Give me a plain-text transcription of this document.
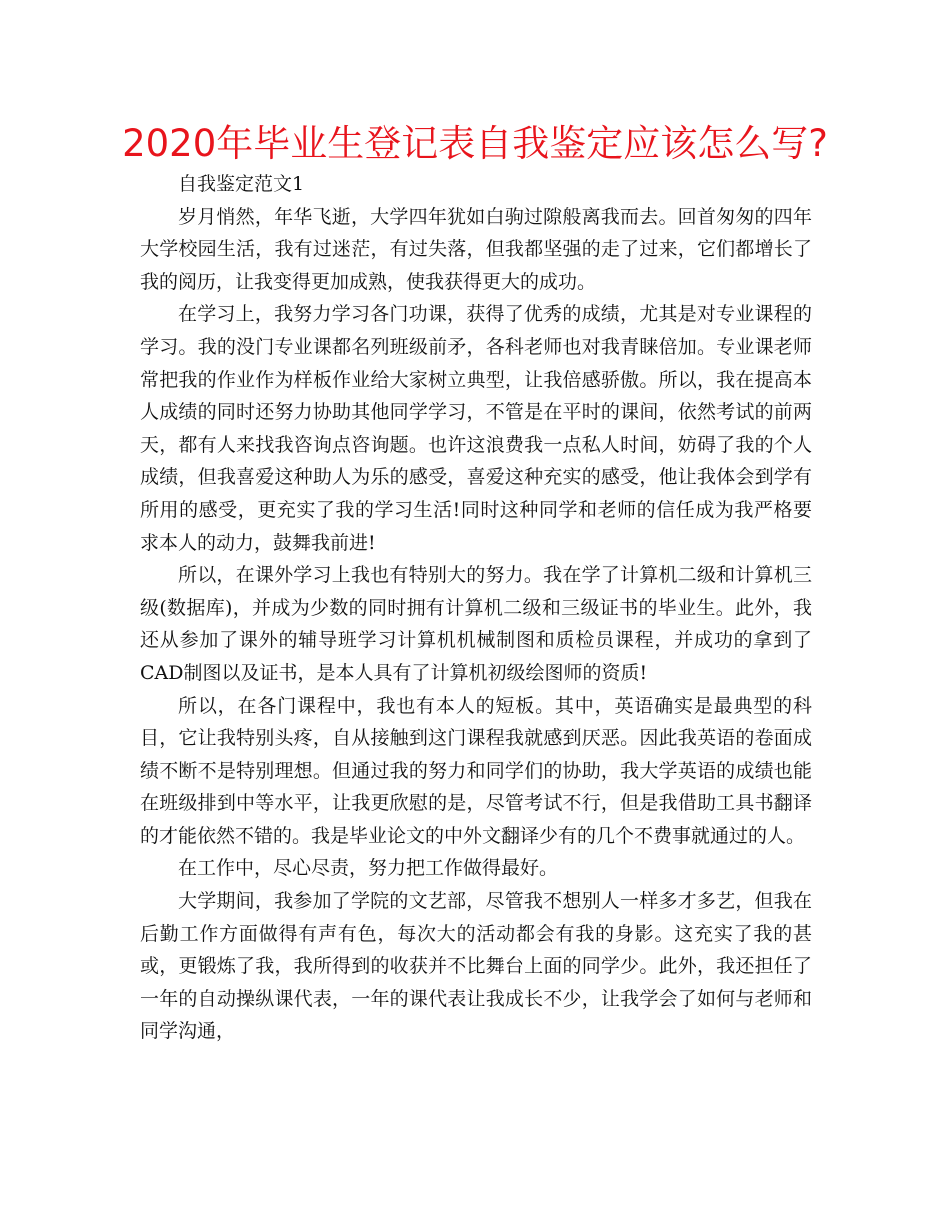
2020年毕业生登记表自我鉴定应该怎么写?

自我鉴定范文1

岁月悄然，年华飞逝，大学四年犹如白驹过隙般离我而去。回首匆匆的四年大学校园生活，我有过迷茫，有过失落，但我都坚强的走了过来，它们都增长了我的阅历，让我变得更加成熟，使我获得更大的成功。

在学习上，我努力学习各门功课，获得了优秀的成绩，尤其是对专业课程的学习。我的没门专业课都名列班级前矛，各科老师也对我青睐倍加。专业课老师常把我的作业作为样板作业给大家树立典型，让我倍感骄傲。所以，我在提高本人成绩的同时还努力协助其他同学学习，不管是在平时的课间，依然考试的前两天，都有人来找我咨询点咨询题。也许这浪费我一点私人时间，妨碍了我的个人成绩，但我喜爱这种助人为乐的感受，喜爱这种充实的感受，他让我体会到学有所用的感受，更充实了我的学习生活!同时这种同学和老师的信任成为我严格要求本人的动力，鼓舞我前进!

所以，在课外学习上我也有特别大的努力。我在学了计算机二级和计算机三级(数据库)，并成为少数的同时拥有计算机二级和三级证书的毕业生。此外，我还从参加了课外的辅导班学习计算机机械制图和质检员课程，并成功的拿到了CAD制图以及证书，是本人具有了计算机初级绘图师的资质!

所以，在各门课程中，我也有本人的短板。其中，英语确实是最典型的科目，它让我特别头疼，自从接触到这门课程我就感到厌恶。因此我英语的卷面成绩不断不是特别理想。但通过我的努力和同学们的协助，我大学英语的成绩也能在班级排到中等水平，让我更欣慰的是，尽管考试不行，但是我借助工具书翻译的才能依然不错的。我是毕业论文的中外文翻译少有的几个不费事就通过的人。

在工作中，尽心尽责，努力把工作做得最好。

大学期间，我参加了学院的文艺部，尽管我不想别人一样多才多艺，但我在后勤工作方面做得有声有色，每次大的活动都会有我的身影。这充实了我的甚或，更锻炼了我，我所得到的收获并不比舞台上面的同学少。此外，我还担任了一年的自动操纵课代表，一年的课代表让我成长不少，让我学会了如何与老师和同学沟通，
